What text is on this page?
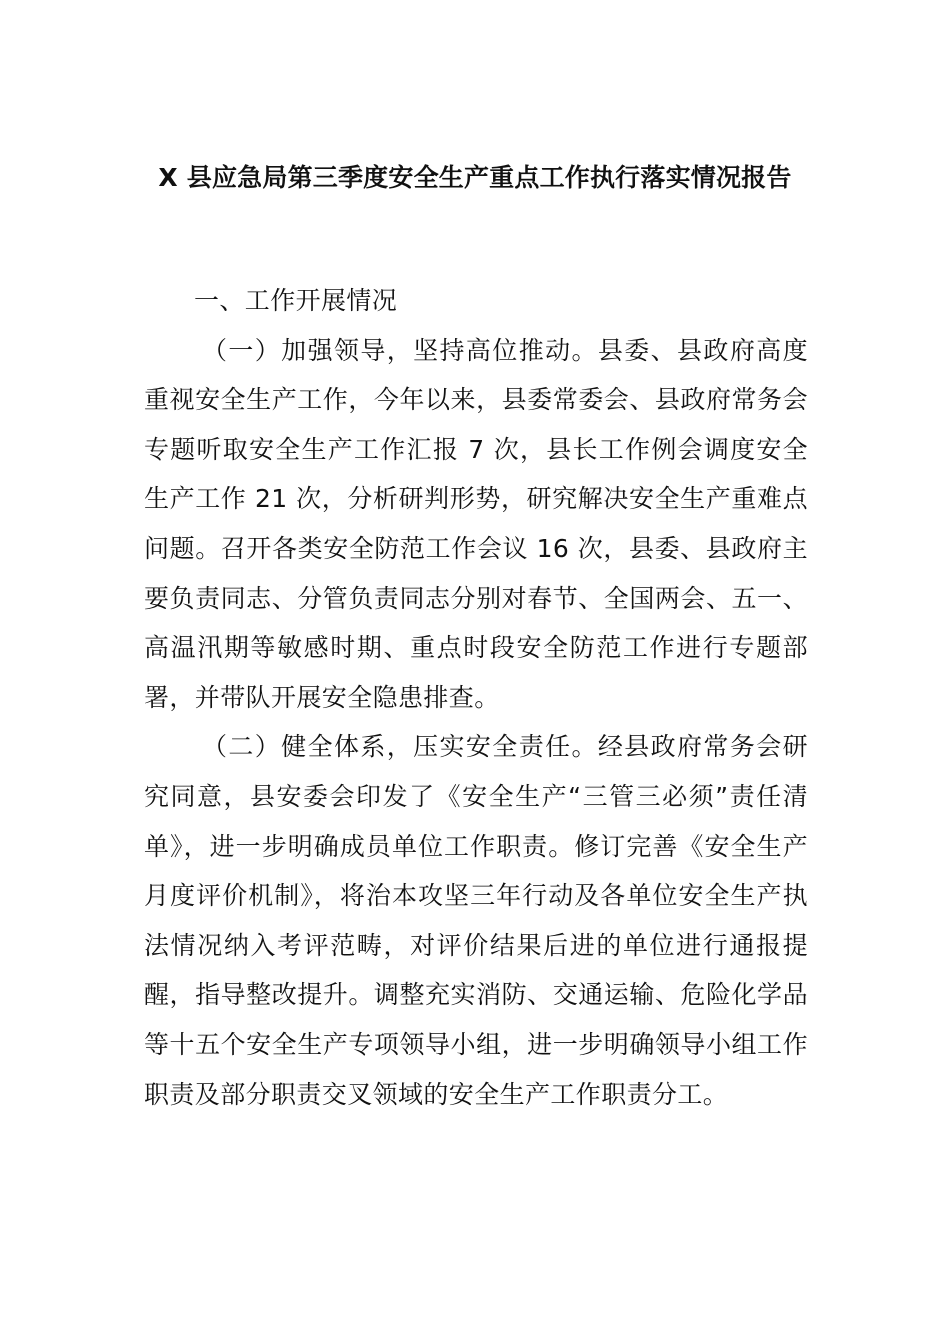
X 县应急局第三季度安全生产重点工作执行落实情况报告

一、工作开展情况

（一）加强领导，坚持高位推动。县委、县政府高度重视安全生产工作，今年以来，县委常委会、县政府常务会专题听取安全生产工作汇报 7 次，县长工作例会调度安全生产工作 21 次，分析研判形势，研究解决安全生产重难点问题。召开各类安全防范工作会议 16 次，县委、县政府主要负责同志、分管负责同志分别对春节、全国两会、五一、高温汛期等敏感时期、重点时段安全防范工作进行专题部署，并带队开展安全隐患排查。

（二）健全体系，压实安全责任。经县政府常务会研究同意，县安委会印发了《安全生产“三管三必须”责任清单》，进一步明确成员单位工作职责。修订完善《安全生产月度评价机制》，将治本攻坚三年行动及各单位安全生产执法情况纳入考评范畴，对评价结果后进的单位进行通报提醒，指导整改提升。调整充实消防、交通运输、危险化学品等十五个安全生产专项领导小组，进一步明确领导小组工作职责及部分职责交叉领域的安全生产工作职责分工。
